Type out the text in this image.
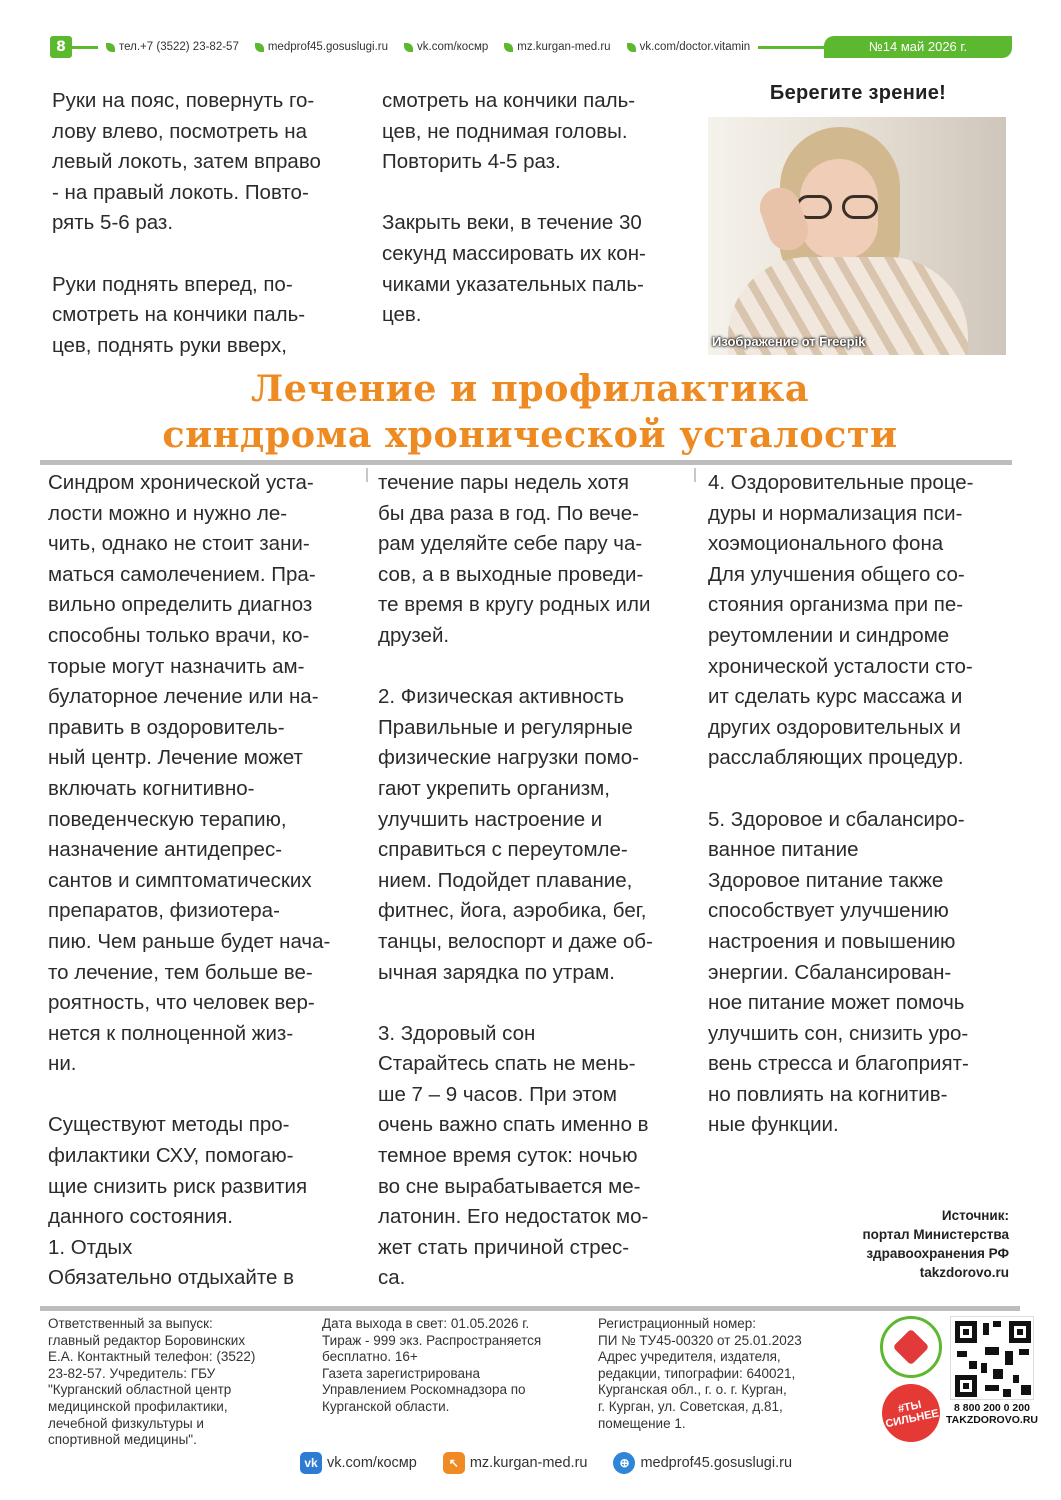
8	тел.+7 (3522) 23-82-57	medprof45.gosuslugi.ru	vk.com/космр	mz.kurgan-med.ru	vk.com/doctor.vitamin	№14 май 2026 г.
Руки на пояс, повернуть го-
лову влево, посмотреть на
левый локоть, затем вправо
- на правый локоть. Повто-
рять 5-6 раз.

Руки поднять вперед, по-
смотреть на кончики паль-
цев, поднять руки вверх,
смотреть на кончики паль-
цев, не поднимая головы.
Повторить 4-5 раз.

Закрыть веки, в течение 30
секунд массировать их кон-
чиками указательных паль-
цев.
Берегите зрение!
Изображение от Freepik
Лечение и профилактика
синдрома хронической усталости
Синдром хронической уста-
лости можно и нужно ле-
чить, однако не стоит зани-
маться самолечением. Пра-
вильно определить диагноз
способны только врачи, ко-
торые могут назначить ам-
булаторное лечение или на-
править в оздоровитель-
ный центр. Лечение может
включать когнитивно-
поведенческую терапию,
назначение антидепрес-
сантов и симптоматических
препаратов, физиотера-
пию. Чем раньше будет нача-
то лечение, тем больше ве-
роятность, что человек вер-
нется к полноценной жиз-
ни.
Существуют методы про-
филактики СХУ, помогаю-
щие снизить риск развития
данного состояния.
1. Отдых
Обязательно отдыхайте в
течение пары недель хотя
бы два раза в год. По вече-
рам уделяйте себе пару ча-
сов, а в выходные проведи-
те время в кругу родных или
друзей.
2. Физическая активность
Правильные и регулярные
физические нагрузки помо-
гают укрепить организм,
улучшить настроение и
справиться с переутомле-
нием. Подойдет плавание,
фитнес, йога, аэробика, бег,
танцы, велоспорт и даже об-
ычная зарядка по утрам.
3. Здоровый сон
Старайтесь спать не мень-
ше 7 – 9 часов. При этом
очень важно спать именно в
темное время суток: ночью
во сне вырабатывается ме-
латонин. Его недостаток мо-
жет стать причиной стрес-
са.
4. Оздоровительные проце-
дуры и нормализация пси-
хоэмоционального фона
Для улучшения общего со-
стояния организма при пе-
реутомлении и синдроме
хронической усталости сто-
ит сделать курс массажа и
других оздоровительных и
расслабляющих процедур.
5. Здоровое и сбалансиро-
ванное питание
Здоровое питание также
способствует улучшению
настроения и повышению
энергии. Сбалансирован-
ное питание может помочь
улучшить сон, снизить уро-
вень стресса и благоприят-
но повлиять на когнитив-
ные функции.
Источник:
портал Министерства
здравоохранения РФ
takzdorovo.ru
Ответственный за выпуск:
главный редактор Боровинских
Е.А. Контактный телефон: (3522)
23-82-57. Учредитель: ГБУ
"Курганский областной центр
медицинской профилактики,
лечебной физкультуры и
спортивной медицины".
Дата выхода в свет: 01.05.2026 г.
Тираж - 999 экз. Распространяется
бесплатно. 16+
Газета зарегистрирована
Управлением Роскомнадзора по
Курганской области.
Регистрационный номер:
ПИ № ТУ45-00320 от 25.01.2023
Адрес учредителя, издателя,
редакции, типографии: 640021,
Курганская обл., г. о. г. Курган,
г. Курган, ул. Советская, д.81,
помещение 1.
#ТЫ
СИЛЬНЕЕ	8 800 200 0 200
TAKZDOROVO.RU
vk vk.com/космр	↖ mz.kurgan-med.ru	⊕ medprof45.gosuslugi.ru
